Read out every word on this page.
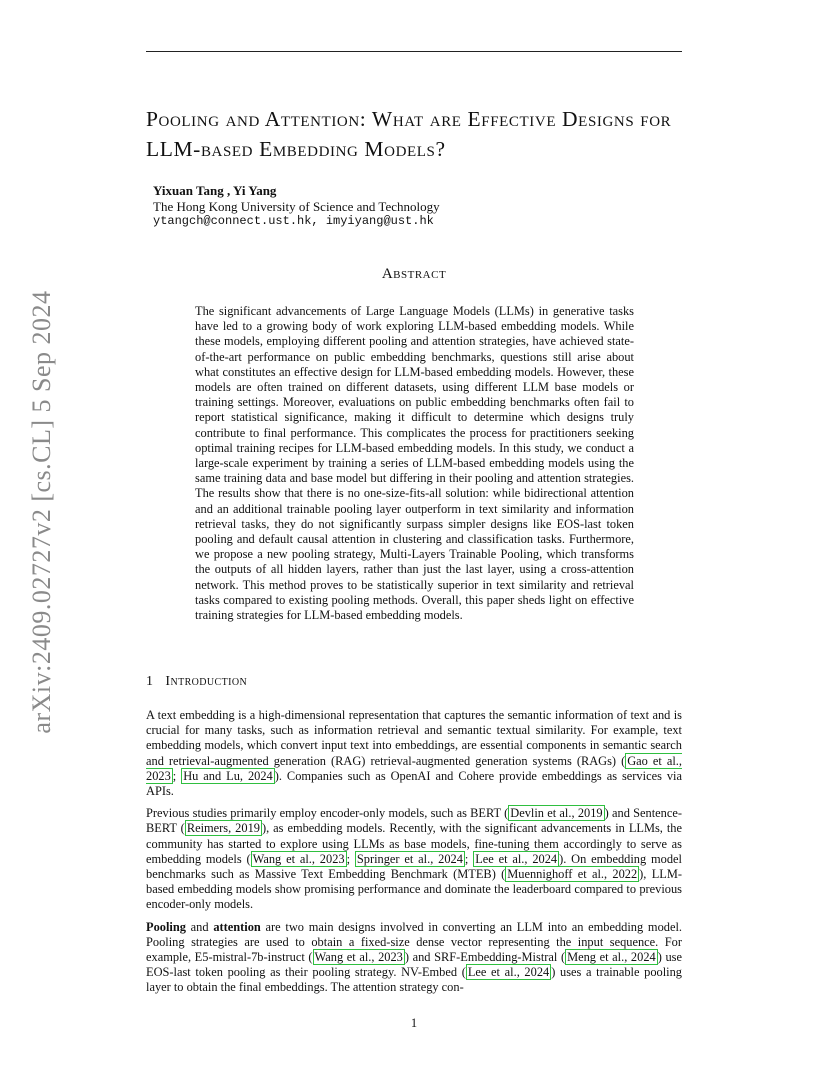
arXiv:2409.02727v2 [cs.CL] 5 Sep 2024
Pooling and Attention: What are Effective Designs for LLM-based Embedding Models?
Yixuan Tang , Yi Yang
The Hong Kong University of Science and Technology
ytangch@connect.ust.hk, imyiyang@ust.hk
Abstract

The significant advancements of Large Language Models (LLMs) in generative tasks have led to a growing body of work exploring LLM-based embedding models. While these models, employing different pooling and attention strategies, have achieved state-of-the-art performance on public embedding benchmarks, questions still arise about what constitutes an effective design for LLM-based embedding models. However, these models are often trained on different datasets, using different LLM base models or training settings. Moreover, evaluations on public embedding benchmarks often fail to report statistical significance, making it difficult to determine which designs truly contribute to final performance. This complicates the process for practitioners seeking optimal training recipes for LLM-based embedding models. In this study, we conduct a large-scale experiment by training a series of LLM-based embedding models using the same training data and base model but differing in their pooling and attention strategies. The results show that there is no one-size-fits-all solution: while bidirectional attention and an additional trainable pooling layer outperform in text similarity and information retrieval tasks, they do not significantly surpass simpler designs like EOS-last token pooling and default causal attention in clustering and classification tasks. Furthermore, we propose a new pooling strategy, Multi-Layers Trainable Pooling, which transforms the outputs of all hidden layers, rather than just the last layer, using a cross-attention network. This method proves to be statistically superior in text similarity and retrieval tasks compared to existing pooling methods. Overall, this paper sheds light on effective training strategies for LLM-based embedding models.

1 Introduction

A text embedding is a high-dimensional representation that captures the semantic information of text and is crucial for many tasks, such as information retrieval and semantic textual similarity. For example, text embedding models, which convert input text into embeddings, are essential components in semantic search and retrieval-augmented generation (RAG) retrieval-augmented generation systems (RAGs) ( Gao et al., 2023 ; Hu and Lu, 2024 ). Companies such as OpenAI and Cohere provide embeddings as services via APIs.

Previous studies primarily employ encoder-only models, such as BERT ( Devlin et al., 2019 ) and Sentence-BERT ( Reimers, 2019 ), as embedding models. Recently, with the significant advancements in LLMs, the community has started to explore using LLMs as base models, fine-tuning them accordingly to serve as embedding models ( Wang et al., 2023 ; Springer et al., 2024 ; Lee et al., 2024 ). On embedding model benchmarks such as Massive Text Embedding Benchmark (MTEB) ( Muennighoff et al., 2022 ), LLM-based embedding models show promising performance and dominate the leaderboard compared to previous encoder-only models.

Pooling and attention are two main designs involved in converting an LLM into an embedding model. Pooling strategies are used to obtain a fixed-size dense vector representing the input sequence. For example, E5-mistral-7b-instruct ( Wang et al., 2023 ) and SRF-Embedding-Mistral ( Meng et al., 2024 ) use EOS-last token pooling as their pooling strategy. NV-Embed ( Lee et al., 2024 ) uses a trainable pooling layer to obtain the final embeddings. The attention strategy con-

1
